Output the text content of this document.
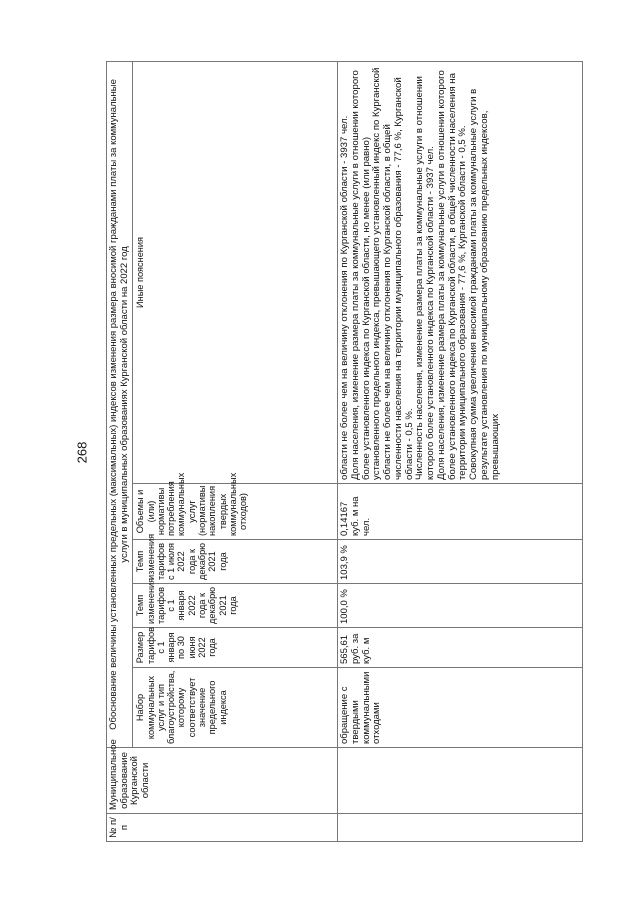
268
№ п/п	Муниципальное образование Курганской области	Обоснование величины установленных предельных (максимальных) индексов изменения размера вносимой гражданами платы за коммунальные услуги в муниципальных образованиях Курганской области на 2022 год					
		Набор коммунальных услуг и тип благоустройства, которому соответствует значение предельного индекса	Размер тарифов с 1 января по 30 июня 2022 года	Темп изменения тарифов с 1 января 2022 года к декабрю 2021 года	Темп изменения тарифов с 1 июля 2022 года к декабрю 2021 года	Объемы и (или) нормативы потребления коммунальных услуг (нормативы накопления твердых коммунальных отходов)	Иные пояснения
		обращение с твердыми коммунальными отходами	565,61 руб. за куб. м	100,0 %	103,9 %	0,14167 куб. м на чел.	области не более чем на величину отклонения по Курганской области - 3937 чел. Доля населения, изменение размера платы за коммунальные услуги в отношении которого более установленного индекса по Курганской области, но менее (или равно) установленного предельного индекса, превышающего установленный индекс по Курганской области не более чем на величину отклонения по Курганской области, в общей численности населения на территории муниципального образования - 77,6 %, Курганской области - 0,5 %. Численность населения, изменение размера платы за коммунальные услуги в отношении которого более установленного индекса по Курганской области - 3937 чел. Доля населения, изменение размера платы за коммунальные услуги в отношении которого более установленного индекса по Курганской области, в общей численности населения на территории муниципального образования - 77,6 %, Курганской области - 0,5 %. Совокупная сумма увеличения вносимой гражданами платы за коммунальные услуги в результате установления по муниципальному образованию предельных индексов, превышающих
